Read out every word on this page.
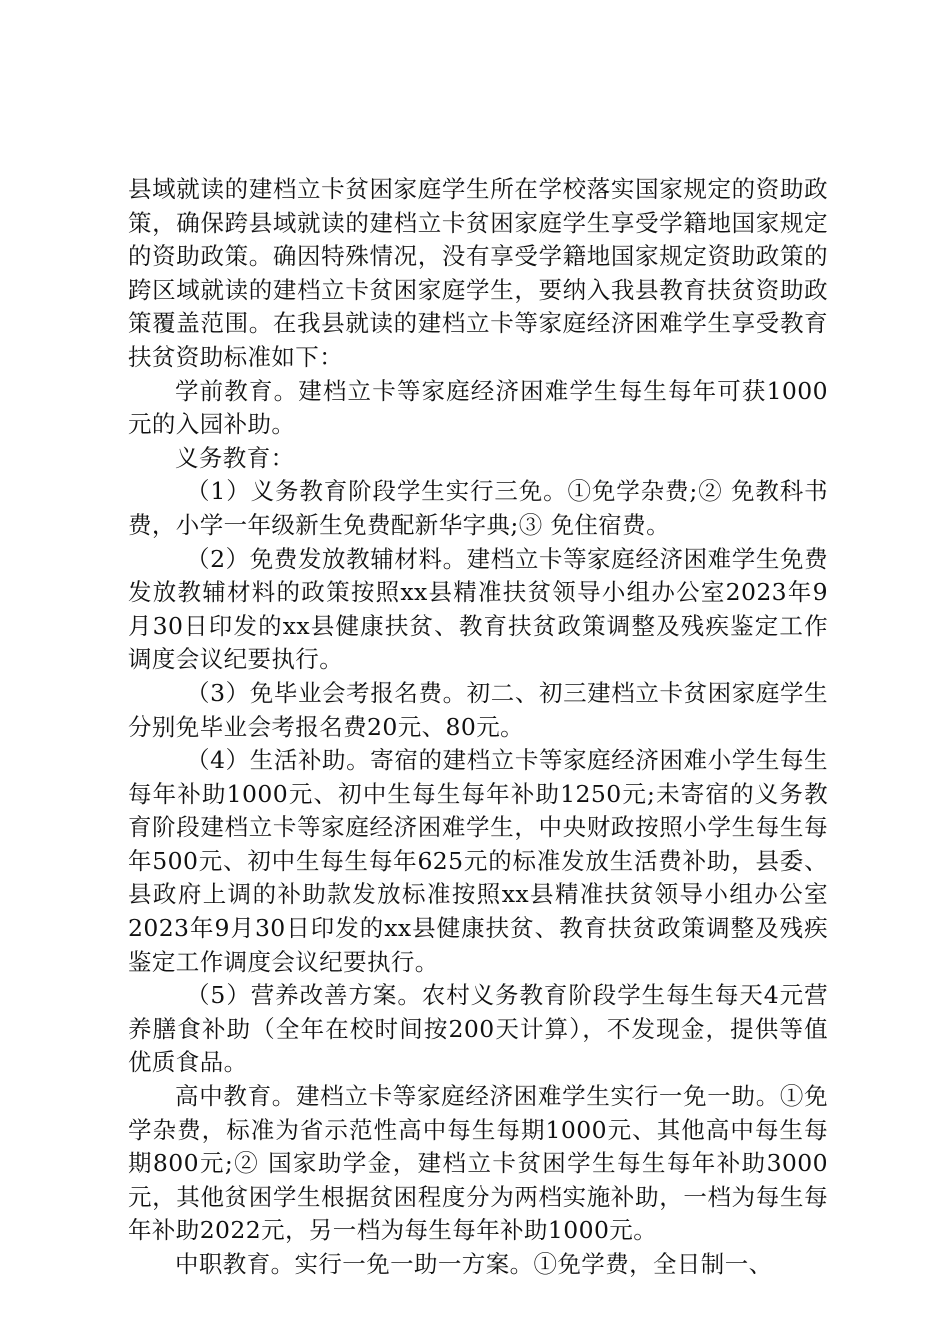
县域就读的建档立卡贫困家庭学生所在学校落实国家规定的资助政策，确保跨县域就读的建档立卡贫困家庭学生享受学籍地国家规定的资助政策。确因特殊情况，没有享受学籍地国家规定资助政策的跨区域就读的建档立卡贫困家庭学生，要纳入我县教育扶贫资助政策覆盖范围。在我县就读的建档立卡等家庭经济困难学生享受教育扶贫资助标准如下：

学前教育。建档立卡等家庭经济困难学生每生每年可获1000元的入园补助。

义务教育：

（1）义务教育阶段学生实行三免。①免学杂费;② 免教科书费，小学一年级新生免费配新华字典;③ 免住宿费。

（2）免费发放教辅材料。建档立卡等家庭经济困难学生免费发放教辅材料的政策按照xx县精准扶贫领导小组办公室2023年9月30日印发的xx县健康扶贫、教育扶贫政策调整及残疾鉴定工作调度会议纪要执行。

（3）免毕业会考报名费。初二、初三建档立卡贫困家庭学生分别免毕业会考报名费20元、80元。

（4）生活补助。寄宿的建档立卡等家庭经济困难小学生每生每年补助1000元、初中生每生每年补助1250元;未寄宿的义务教育阶段建档立卡等家庭经济困难学生，中央财政按照小学生每生每年500元、初中生每生每年625元的标准发放生活费补助，县委、县政府上调的补助款发放标准按照xx县精准扶贫领导小组办公室2023年9月30日印发的xx县健康扶贫、教育扶贫政策调整及残疾鉴定工作调度会议纪要执行。

（5）营养改善方案。农村义务教育阶段学生每生每天4元营养膳食补助（全年在校时间按200天计算），不发现金，提供等值优质食品。

高中教育。建档立卡等家庭经济困难学生实行一免一助。①免学杂费，标准为省示范性高中每生每期1000元、其他高中每生每期800元;② 国家助学金，建档立卡贫困学生每生每年补助3000元，其他贫困学生根据贫困程度分为两档实施补助，一档为每生每年补助2022元，另一档为每生每年补助1000元。

中职教育。实行一免一助一方案。①免学费，全日制一、
